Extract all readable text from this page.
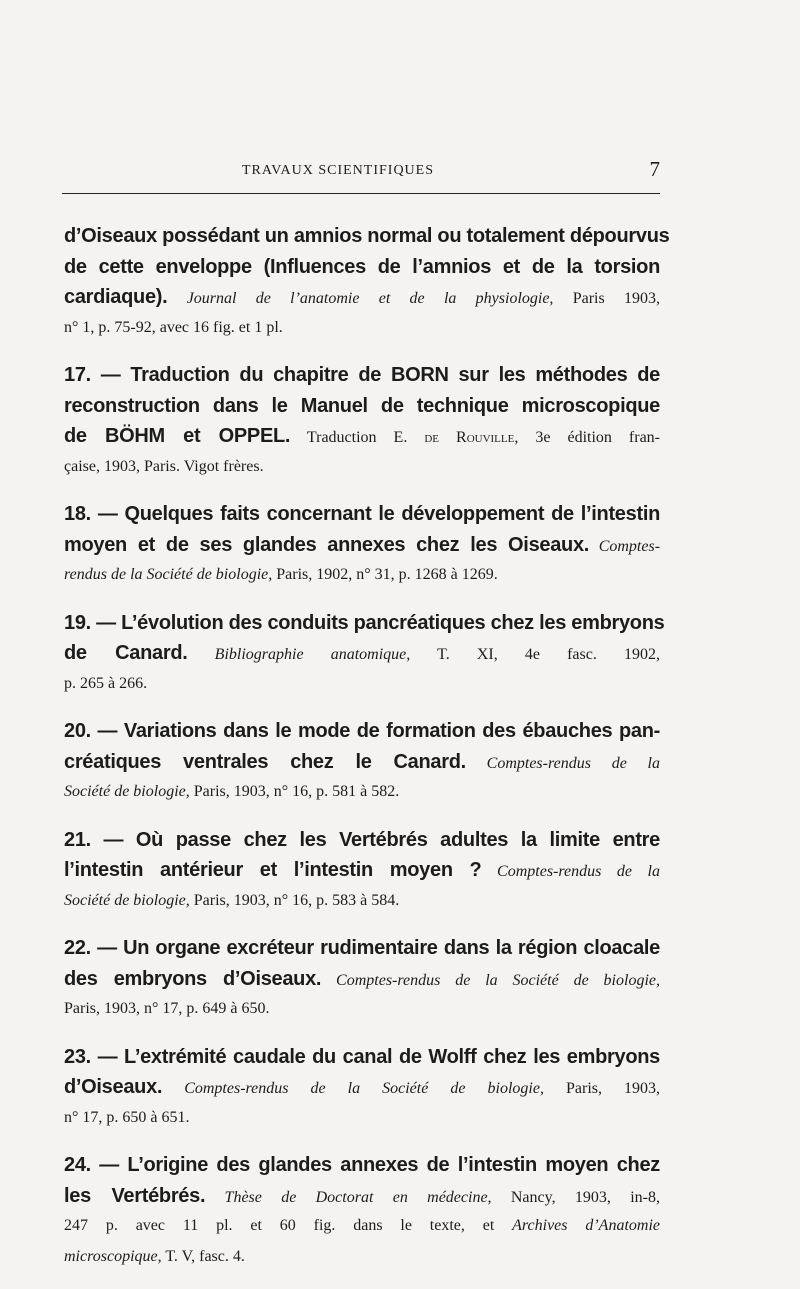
TRAVAUX SCIENTIFIQUES	7
d’Oiseaux possédant un amnios normal ou totalement dépourvus
de cette enveloppe (Influences de l’amnios et de la torsion
cardiaque). Journal de l’anatomie et de la physiologie, Paris 1903,
n° 1, p. 75-92, avec 16 fig. et 1 pl.
17. — Traduction du chapitre de BORN sur les méthodes de
reconstruction dans le Manuel de technique microscopique
de BÖHM et OPPEL. Traduction E. de Rouville, 3e édition fran-
çaise, 1903, Paris. Vigot frères.
18. — Quelques faits concernant le développement de l’intestin
moyen et de ses glandes annexes chez les Oiseaux. Comptes-
rendus de la Société de biologie, Paris, 1902, n° 31, p. 1268 à 1269.
19. — L’évolution des conduits pancréatiques chez les embryons
de Canard. Bibliographie anatomique, T. XI, 4e fasc. 1902,
p. 265 à 266.
20. — Variations dans le mode de formation des ébauches pan-
créatiques ventrales chez le Canard. Comptes-rendus de la
Société de biologie, Paris, 1903, n° 16, p. 581 à 582.
21. — Où passe chez les Vertébrés adultes la limite entre
l’intestin antérieur et l’intestin moyen ? Comptes-rendus de la
Société de biologie, Paris, 1903, n° 16, p. 583 à 584.
22. — Un organe excréteur rudimentaire dans la région cloacale
des embryons d’Oiseaux. Comptes-rendus de la Société de biologie,
Paris, 1903, n° 17, p. 649 à 650.
23. — L’extrémité caudale du canal de Wolff chez les embryons
d’Oiseaux. Comptes-rendus de la Société de biologie, Paris, 1903,
n° 17, p. 650 à 651.
24. — L’origine des glandes annexes de l’intestin moyen chez
les Vertébrés. Thèse de Doctorat en médecine, Nancy, 1903, in-8,
247 p. avec 11 pl. et 60 fig. dans le texte, et Archives d’Anatomie
microscopique, T. V, fasc. 4.
